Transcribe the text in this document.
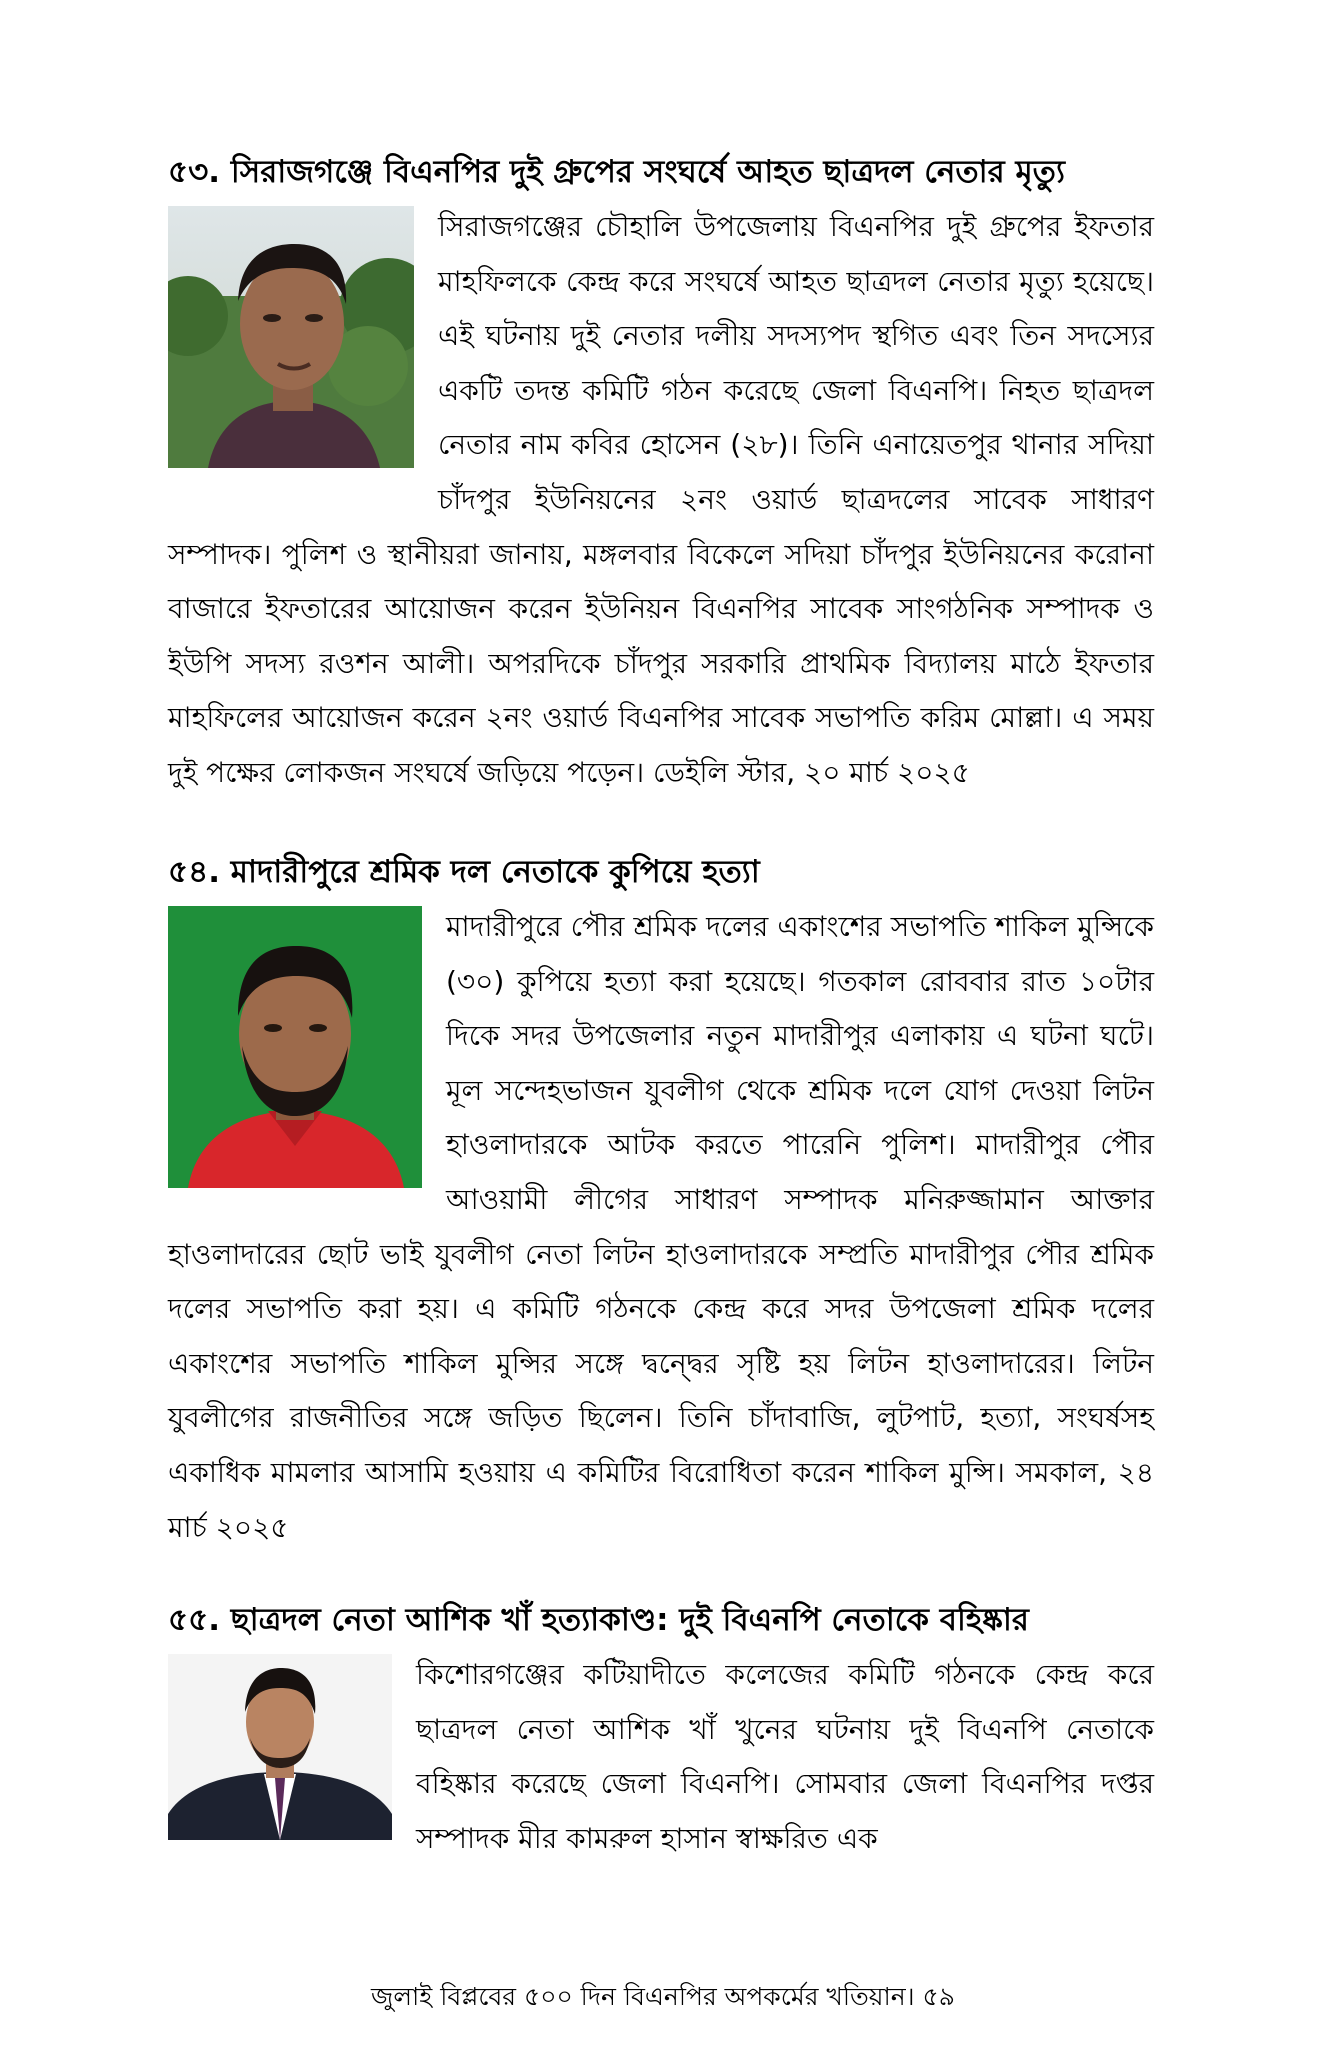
৫৩. সিরাজগঞ্জে বিএনপির দুই গ্রুপের সংঘর্ষে আহত ছাত্রদল নেতার মৃত্যু

সিরাজগঞ্জের চৌহালি উপজেলায় বিএনপির দুই গ্রুপের ইফতার মাহফিলকে কেন্দ্র করে সংঘর্ষে আহত ছাত্রদল নেতার মৃত্যু হয়েছে। এই ঘটনায় দুই নেতার দলীয় সদস্যপদ স্থগিত এবং তিন সদস্যের একটি তদন্ত কমিটি গঠন করেছে জেলা বিএনপি। নিহত ছাত্রদল নেতার নাম কবির হোসেন (২৮)। তিনি এনায়েতপুর থানার সদিয়া চাঁদপুর ইউনিয়নের ২নং ওয়ার্ড ছাত্রদলের সাবেক সাধারণ সম্পাদক। পুলিশ ও স্থানীয়রা জানায়, মঙ্গলবার বিকেলে সদিয়া চাঁদপুর ইউনিয়নের করোনা বাজারে ইফতারের আয়োজন করেন ইউনিয়ন বিএনপির সাবেক সাংগঠনিক সম্পাদক ও ইউপি সদস্য রওশন আলী। অপরদিকে চাঁদপুর সরকারি প্রাথমিক বিদ্যালয় মাঠে ইফতার মাহফিলের আয়োজন করেন ২নং ওয়ার্ড বিএনপির সাবেক সভাপতি করিম মোল্লা। এ সময় দুই পক্ষের লোকজন সংঘর্ষে জড়িয়ে পড়েন। ডেইলি স্টার, ২০ মার্চ ২০২৫

৫৪. মাদারীপুরে শ্রমিক দল নেতাকে কুপিয়ে হত্যা

মাদারীপুরে পৌর শ্রমিক দলের একাংশের সভাপতি শাকিল মুন্সিকে (৩০) কুপিয়ে হত্যা করা হয়েছে। গতকাল রোববার রাত ১০টার দিকে সদর উপজেলার নতুন মাদারীপুর এলাকায় এ ঘটনা ঘটে। মূল সন্দেহভাজন যুবলীগ থেকে শ্রমিক দলে যোগ দেওয়া লিটন হাওলাদারকে আটক করতে পারেনি পুলিশ। মাদারীপুর পৌর আওয়ামী লীগের সাধারণ সম্পাদক মনিরুজ্জামান আক্তার হাওলাদারের ছোট ভাই যুবলীগ নেতা লিটন হাওলাদারকে সম্প্রতি মাদারীপুর পৌর শ্রমিক দলের সভাপতি করা হয়। এ কমিটি গঠনকে কেন্দ্র করে সদর উপজেলা শ্রমিক দলের একাংশের সভাপতি শাকিল মুন্সির সঙ্গে দ্বন্দ্বের সৃষ্টি হয় লিটন হাওলাদারের। লিটন যুবলীগের রাজনীতির সঙ্গে জড়িত ছিলেন। তিনি চাঁদাবাজি, লুটপাট, হত্যা, সংঘর্ষসহ একাধিক মামলার আসামি হওয়ায় এ কমিটির বিরোধিতা করেন শাকিল মুন্সি। সমকাল, ২৪ মার্চ ২০২৫

৫৫. ছাত্রদল নেতা আশিক খাঁ হত্যাকাণ্ড: দুই বিএনপি নেতাকে বহিষ্কার

কিশোরগঞ্জের কটিয়াদীতে কলেজের কমিটি গঠনকে কেন্দ্র করে ছাত্রদল নেতা আশিক খাঁ খুনের ঘটনায় দুই বিএনপি নেতাকে বহিষ্কার করেছে জেলা বিএনপি। সোমবার জেলা বিএনপির দপ্তর সম্পাদক মীর কামরুল হাসান স্বাক্ষরিত এক

জুলাই বিপ্লবের ৫০০ দিন বিএনপির অপকর্মের খতিয়ান। ৫৯
